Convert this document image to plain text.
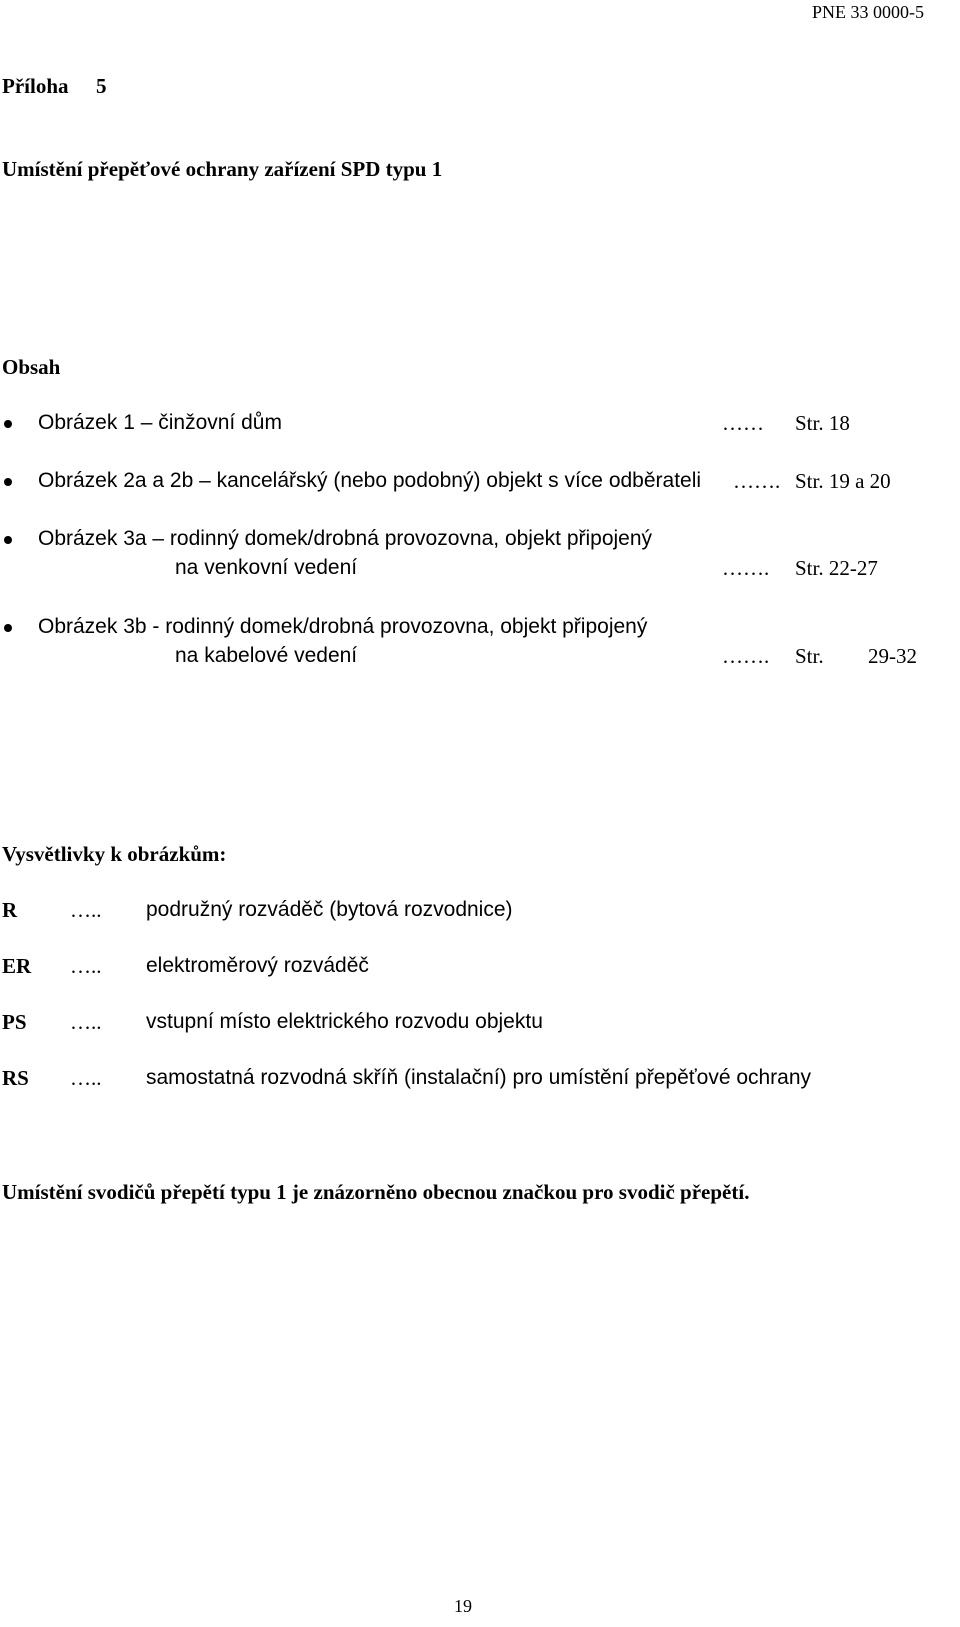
PNE 33 0000-5
Příloha 5
Umístění přepěťové ochrany zařízení SPD typu 1
Obsah
Obrázek 1 – činžovní dům	…… Str. 18
Obrázek 2a a 2b – kancelářský (nebo podobný) objekt s více odběrateli ……. Str. 19 a 20
Obrázek 3a – rodinný domek/drobná provozovna, objekt připojený
na venkovní vedení	……. Str. 22-27
Obrázek 3b - rodinný domek/drobná provozovna, objekt připojený
na kabelové vedení	……. Str. 29-32
Vysvětlivky k obrázkům:
R	….. podružný rozváděč (bytová rozvodnice)
ER ….. elektroměrový rozváděč
PS ….. vstupní místo elektrického rozvodu objektu
RS ….. samostatná rozvodná skříň (instalační) pro umístění přepěťové ochrany
Umístění svodičů přepětí typu 1 je znázorněno obecnou značkou pro svodič přepětí.
19
